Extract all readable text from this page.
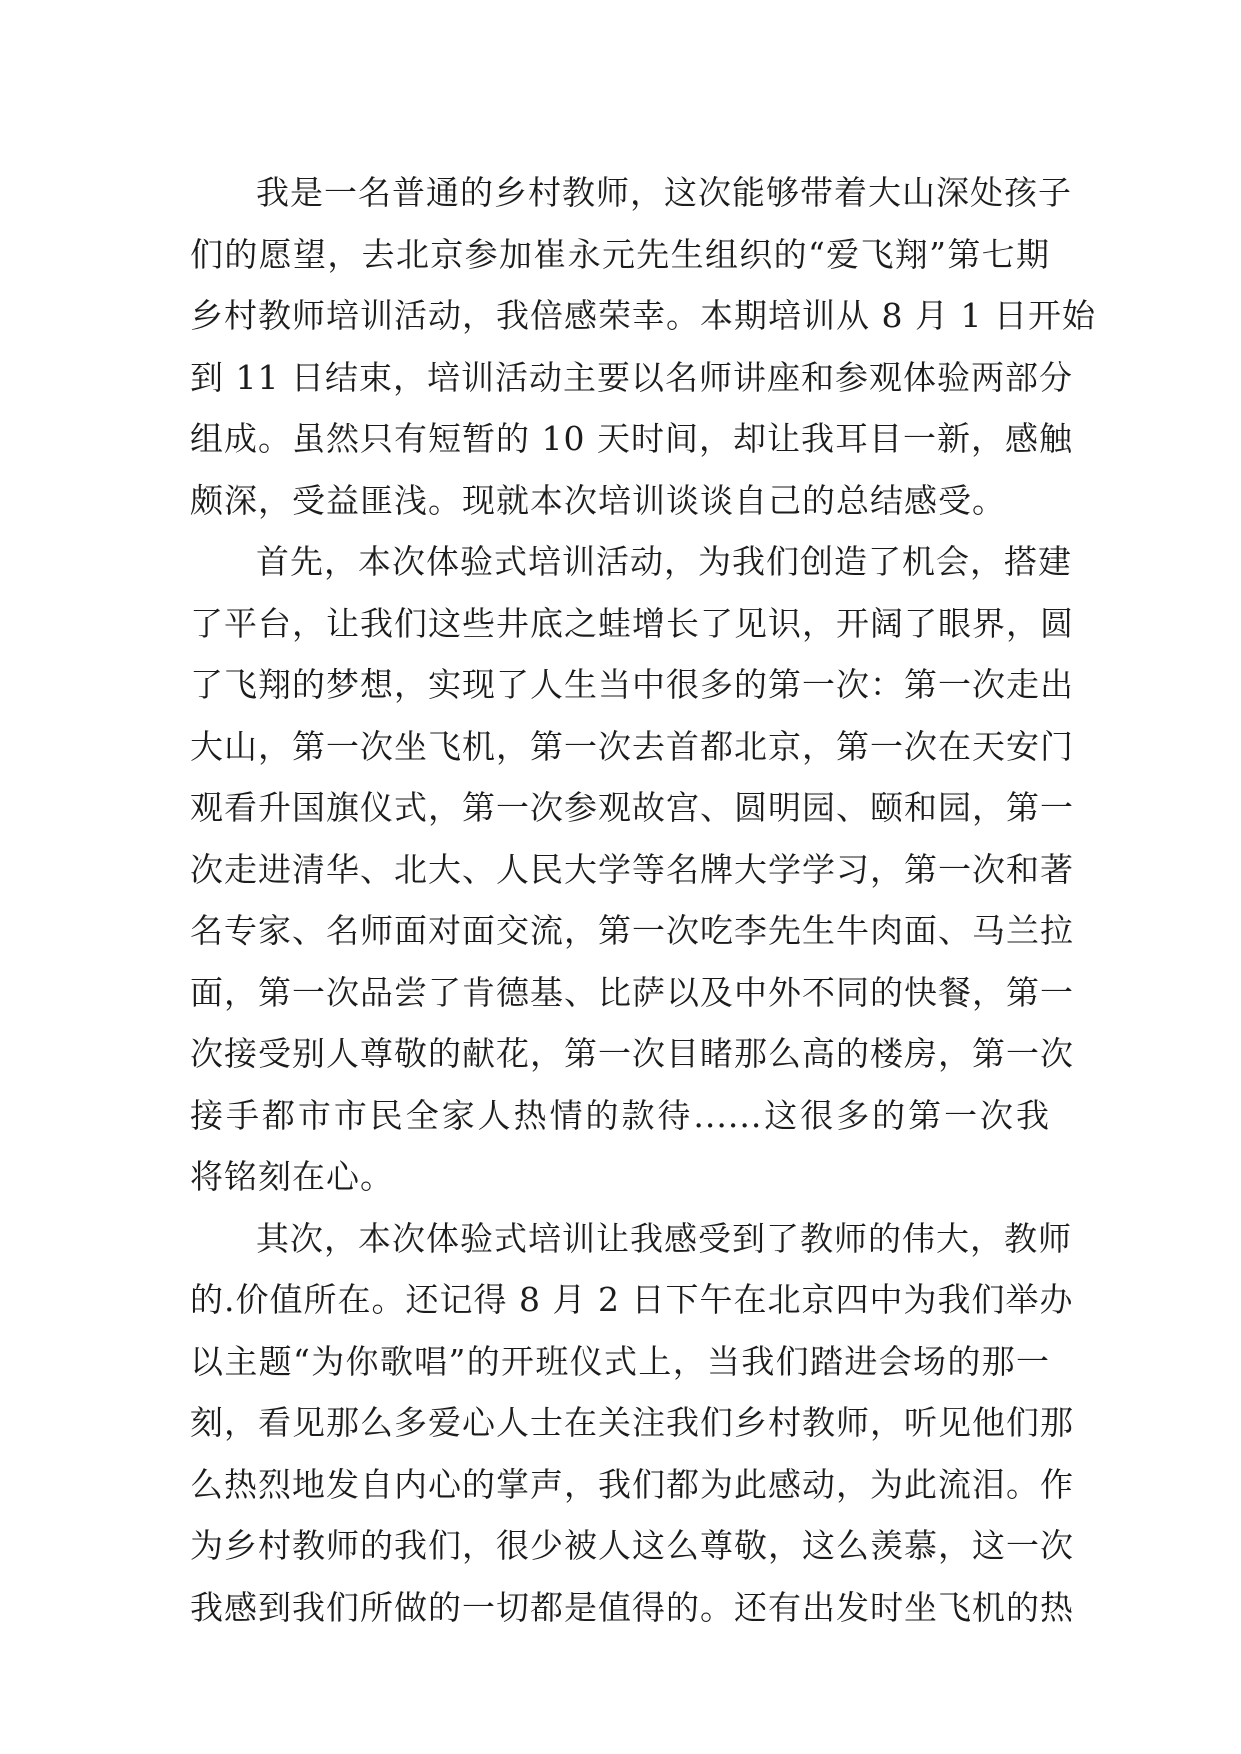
我是一名普通的乡村教师，这次能够带着大山深处孩子
们的愿望，去北京参加崔永元先生组织的“爱飞翔”第七期
乡村教师培训活动，我倍感荣幸。本期培训从 8 月 1 日开始
到 11 日结束，培训活动主要以名师讲座和参观体验两部分
组成。虽然只有短暂的 10 天时间，却让我耳目一新，感触
颇深，受益匪浅。现就本次培训谈谈自己的总结感受。
首先，本次体验式培训活动，为我们创造了机会，搭建
了平台，让我们这些井底之蛙增长了见识，开阔了眼界，圆
了飞翔的梦想，实现了人生当中很多的第一次：第一次走出
大山，第一次坐飞机，第一次去首都北京，第一次在天安门
观看升国旗仪式，第一次参观故宫、圆明园、颐和园，第一
次走进清华、北大、人民大学等名牌大学学习，第一次和著
名专家、名师面对面交流，第一次吃李先生牛肉面、马兰拉
面，第一次品尝了肯德基、比萨以及中外不同的快餐，第一
次接受别人尊敬的献花，第一次目睹那么高的楼房，第一次
接手都市市民全家人热情的款待......这很多的第一次我
将铭刻在心。
其次，本次体验式培训让我感受到了教师的伟大，教师
的.价值所在。还记得 8 月 2 日下午在北京四中为我们举办
以主题“为你歌唱”的开班仪式上，当我们踏进会场的那一
刻，看见那么多爱心人士在关注我们乡村教师，听见他们那
么热烈地发自内心的掌声，我们都为此感动，为此流泪。作
为乡村教师的我们，很少被人这么尊敬，这么羡慕，这一次
我感到我们所做的一切都是值得的。还有出发时坐飞机的热
